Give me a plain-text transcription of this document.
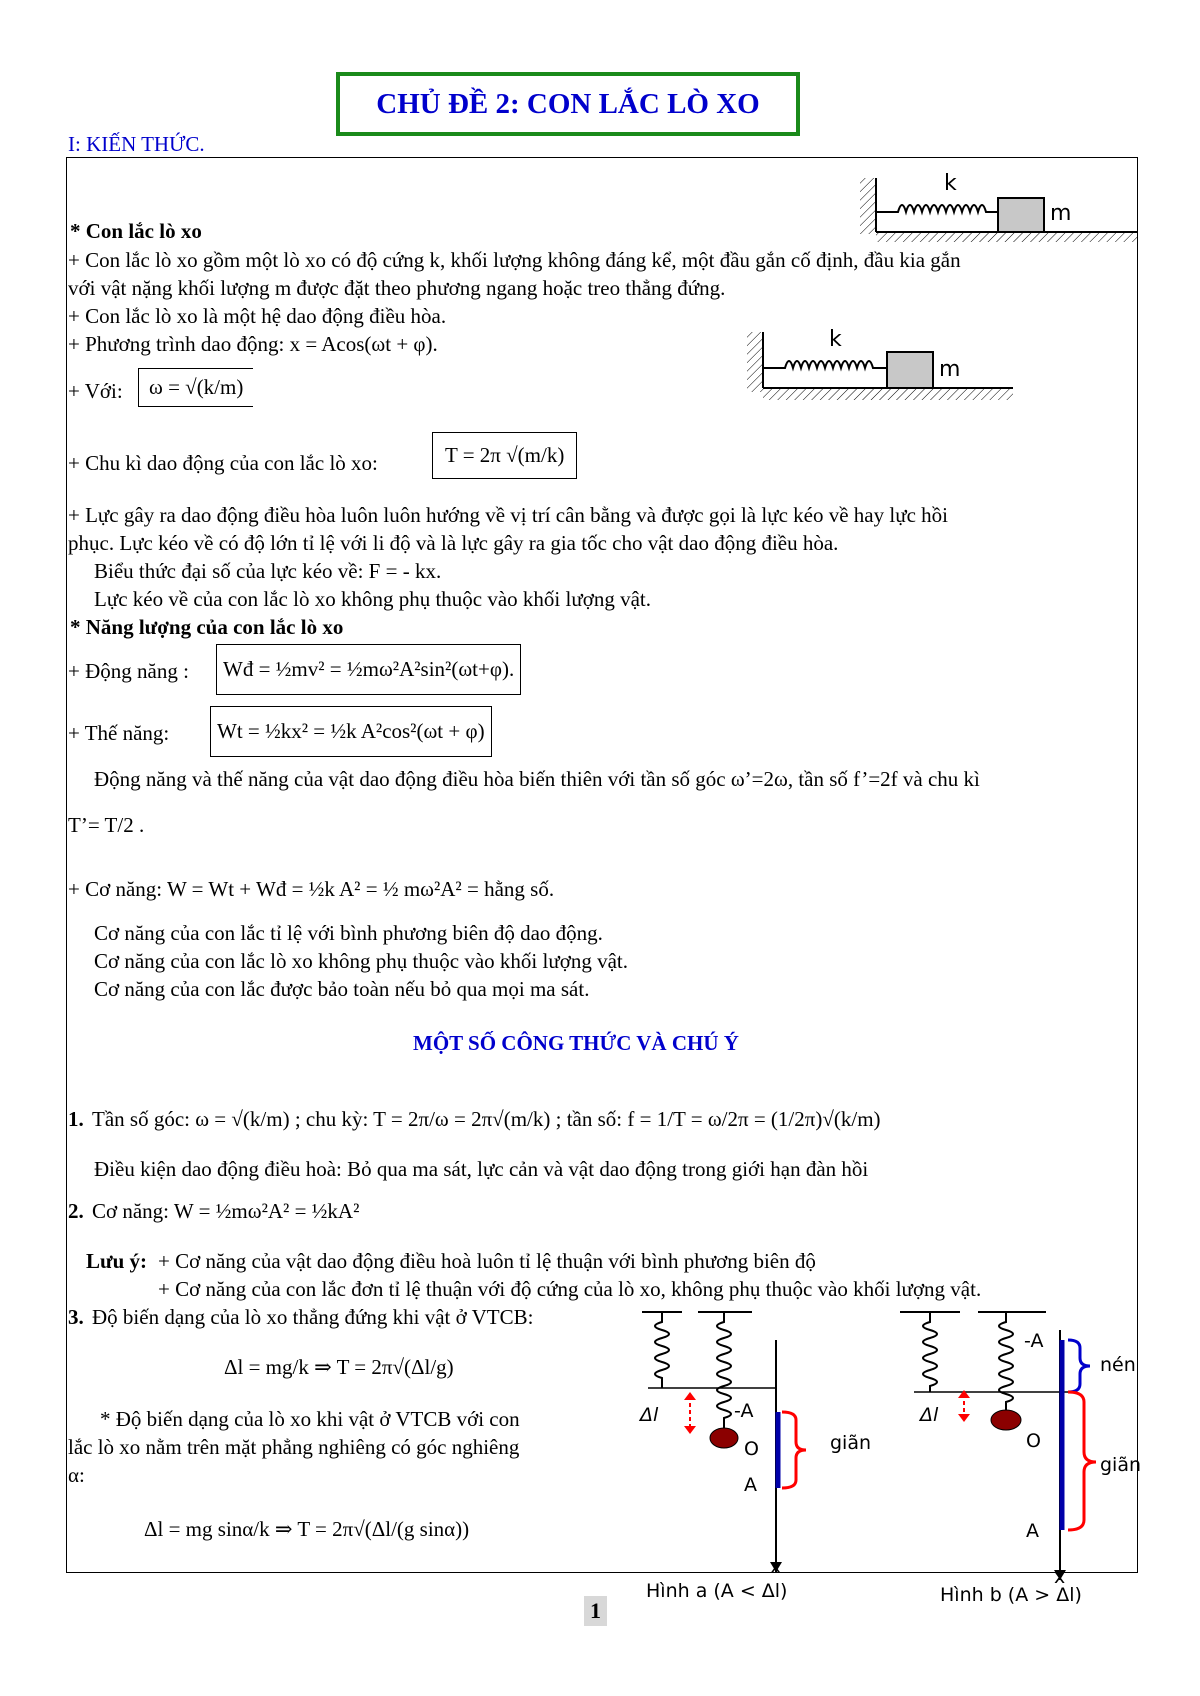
CHỦ ĐỀ 2: CON LẮC LÒ XO
I: KIẾN THỨC.
k
m
k
m
* Con lắc lò xo
+ Con lắc lò xo gồm một lò xo có độ cứng k, khối lượng không đáng kể, một đầu gắn cố định, đầu kia gắn
với vật nặng khối lượng m được đặt theo phương ngang hoặc treo thẳng đứng.
+ Con lắc lò xo là một hệ dao động điều hòa.
+ Phương trình dao động: x = Acos(ωt + φ).
+ Với:	ω = √(k/m)
+ Chu kì dao động của con lắc lò xo:	T = 2π √(m/k)
+ Lực gây ra dao động điều hòa luôn luôn hướng về vị trí cân bằng và được gọi là lực kéo về hay lực hồi
phục. Lực kéo về có độ lớn tỉ lệ với li độ và là lực gây ra gia tốc cho vật dao động điều hòa.
Biểu thức đại số của lực kéo về: F = - kx.
Lực kéo về của con lắc lò xo không phụ thuộc vào khối lượng vật.
* Năng lượng của con lắc lò xo
+ Động năng :	Wđ = ½mv² = ½mω²A²sin²(ωt+φ).
+ Thế năng:	Wt = ½kx² = ½k A²cos²(ωt + φ)
Động năng và thế năng của vật dao động điều hòa biến thiên với tần số góc ω’=2ω, tần số f’=2f và chu kì
T’= T/2 .
+ Cơ năng: W = Wt + Wđ = ½k A² = ½ mω²A² = hằng số.
Cơ năng của con lắc tỉ lệ với bình phương biên độ dao động.
Cơ năng của con lắc lò xo không phụ thuộc vào khối lượng vật.
Cơ năng của con lắc được bảo toàn nếu bỏ qua mọi ma sát.
MỘT SỐ CÔNG THỨC VÀ CHÚ Ý
1. Tần số góc: ω = √(k/m) ; chu kỳ: T = 2π/ω = 2π√(m/k) ; tần số: f = 1/T = ω/2π = (1/2π)√(k/m)
Điều kiện dao động điều hoà: Bỏ qua ma sát, lực cản và vật dao động trong giới hạn đàn hồi
2. Cơ năng: W = ½mω²A² = ½kA²
Lưu ý: + Cơ năng của vật dao động điều hoà luôn tỉ lệ thuận với bình phương biên độ
+ Cơ năng của con lắc đơn tỉ lệ thuận với độ cứng của lò xo, không phụ thuộc vào khối lượng vật.
3. Độ biến dạng của lò xo thẳng đứng khi vật ở VTCB:
Δl = mg/k ⇒ T = 2π√(Δl/g)
* Độ biến dạng của lò xo khi vật ở VTCB với con
lắc lò xo nằm trên mặt phẳng nghiêng có góc nghiêng
α:
Δl = mg sinα/k ⇒ T = 2π√(Δl/(g sinα))
-A
O
A
Δl
giãn
x
Hình a (A < Δl)
-A
O
A
Δl
nén
giãn
x
Hình b (A > Δl)
1
